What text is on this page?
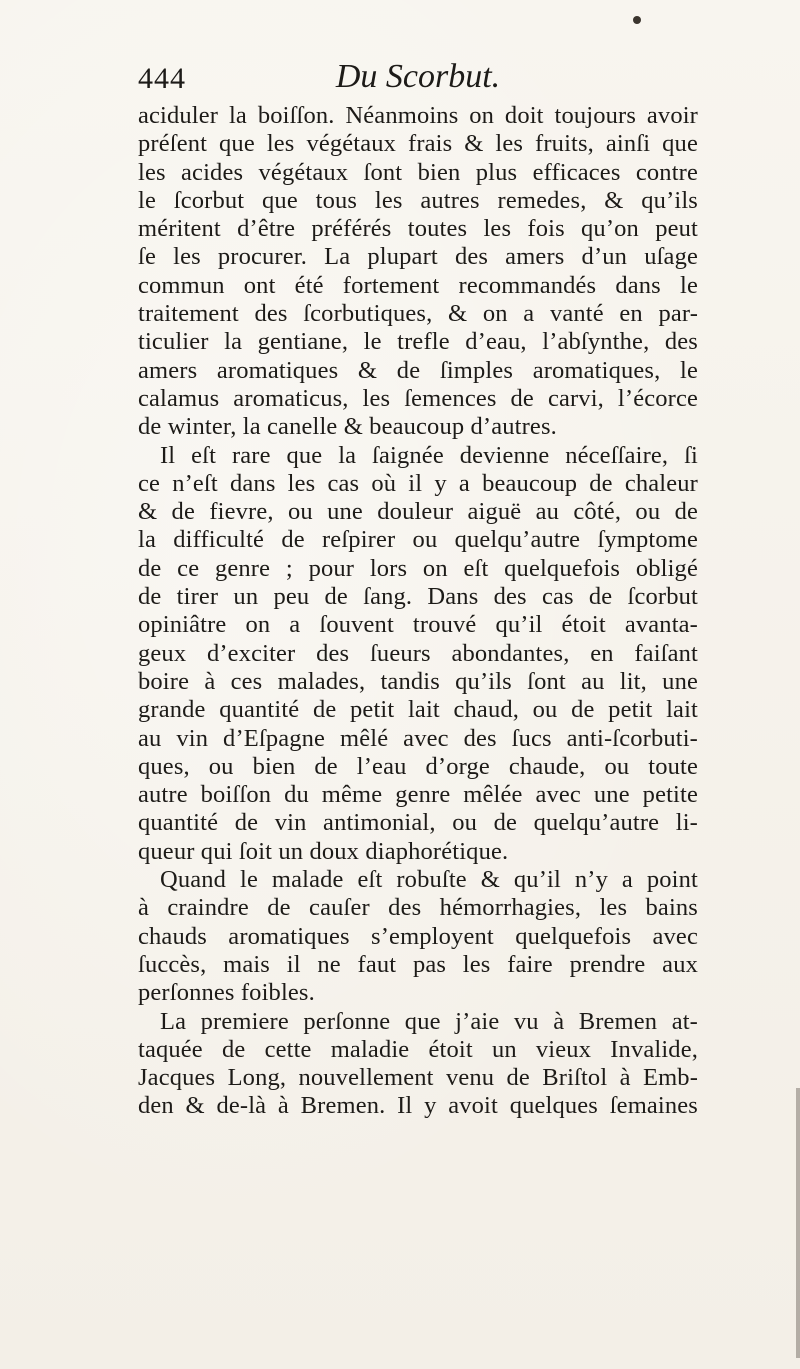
444	Du Scorbut.
aciduler la boiſſon. Néanmoins on doit toujours avoir
préſent que les végétaux frais & les fruits, ainſi que
les acides végétaux ſont bien plus efficaces contre
le ſcorbut que tous les autres remedes, & qu’ils
méritent d’être préférés toutes les fois qu’on peut
ſe les procurer. La plupart des amers d’un uſage
commun ont été fortement recommandés dans le
traitement des ſcorbutiques, & on a vanté en par-
ticulier la gentiane, le trefle d’eau, l’abſynthe, des
amers aromatiques & de ſimples aromatiques, le
calamus aromaticus, les ſemences de carvi, l’écorce
de winter, la canelle & beaucoup d’autres.
Il eſt rare que la ſaignée devienne néceſſaire, ſi
ce n’eſt dans les cas où il y a beaucoup de chaleur
& de fievre, ou une douleur aiguë au côté, ou de
la difficulté de reſpirer ou quelqu’autre ſymptome
de ce genre ; pour lors on eſt quelquefois obligé
de tirer un peu de ſang. Dans des cas de ſcorbut
opiniâtre on a ſouvent trouvé qu’il étoit avanta-
geux d’exciter des ſueurs abondantes, en faiſant
boire à ces malades, tandis qu’ils ſont au lit, une
grande quantité de petit lait chaud, ou de petit lait
au vin d’Eſpagne mêlé avec des ſucs anti-ſcorbuti-
ques, ou bien de l’eau d’orge chaude, ou toute
autre boiſſon du même genre mêlée avec une petite
quantité de vin antimonial, ou de quelqu’autre li-
queur qui ſoit un doux diaphorétique.
Quand le malade eſt robuſte & qu’il n’y a point
à craindre de cauſer des hémorrhagies, les bains
chauds aromatiques s’employent quelquefois avec
ſuccès, mais il ne faut pas les faire prendre aux
perſonnes foibles.
La premiere perſonne que j’aie vu à Bremen at-
taquée de cette maladie étoit un vieux Invalide,
Jacques Long, nouvellement venu de Briſtol à Emb-
den & de-là à Bremen. Il y avoit quelques ſemaines
